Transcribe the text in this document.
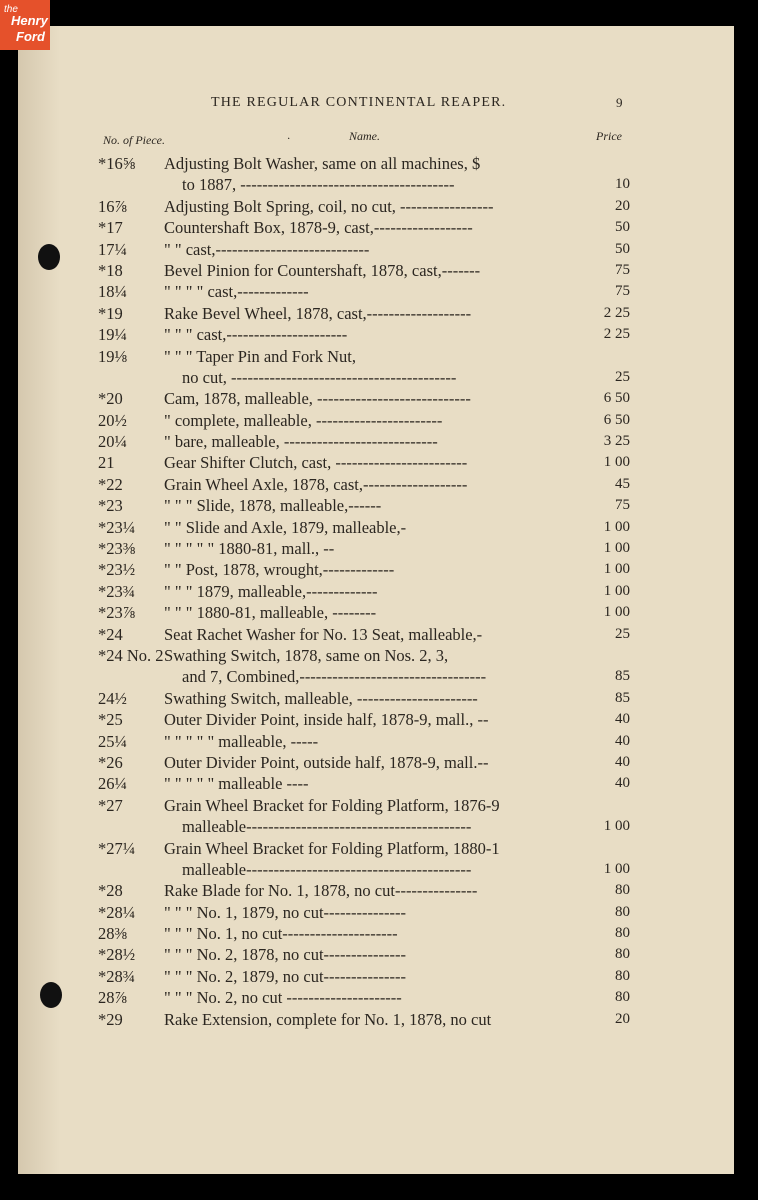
the
Henry
Ford
THE REGULAR CONTINENTAL REAPER.	9
No. of Piece.	·	Name.	Price
*16⅝	Adjusting Bolt Washer, same on all machines, $
to 1887, ---------------------------------------	10
16⅞	Adjusting Bolt Spring, coil, no cut, -----------------	20
*17	Countershaft Box, 1878-9, cast,------------------	50
17¼	" " cast,----------------------------	50
*18	Bevel Pinion for Countershaft, 1878, cast,-------	75
18¼	" " " " cast,-------------	75
*19	Rake Bevel Wheel, 1878, cast,-------------------	2 25
19¼	" " " cast,----------------------	2 25
19⅛	" " " Taper Pin and Fork Nut,
no cut, -----------------------------------------	25
*20	Cam, 1878, malleable, ----------------------------	6 50
20½	" complete, malleable, -----------------------	6 50
20¼	" bare, malleable, ----------------------------	3 25
21	Gear Shifter Clutch, cast, ------------------------	1 00
*22	Grain Wheel Axle, 1878, cast,-------------------	45
*23	" " " Slide, 1878, malleable,------	75
*23¼	" " Slide and Axle, 1879, malleable,-	1 00
*23⅜	" " " " " 1880-81, mall., --	1 00
*23½	" " Post, 1878, wrought,-------------	1 00
*23¾	" " " 1879, malleable,-------------	1 00
*23⅞	" " " 1880-81, malleable, --------	1 00
*24	Seat Rachet Washer for No. 13 Seat, malleable,-	25
*24 No. 2 Swathing Switch, 1878, same on Nos. 2, 3,
and 7, Combined,----------------------------------	85
24½	Swathing Switch, malleable, ----------------------	85
*25	Outer Divider Point, inside half, 1878-9, mall., --	40
25¼	" " " " " malleable, -----	40
*26	Outer Divider Point, outside half, 1878-9, mall.--	40
26¼	" " " " " malleable ----	40
*27	Grain Wheel Bracket for Folding Platform, 1876-9
malleable-----------------------------------------	1 00
*27¼	Grain Wheel Bracket for Folding Platform, 1880-1
malleable-----------------------------------------	1 00
*28	Rake Blade for No. 1, 1878, no cut---------------	80
*28¼	" " " No. 1, 1879, no cut---------------	80
28⅜	" " " No. 1, no cut---------------------	80
*28½	" " " No. 2, 1878, no cut---------------	80
*28¾	" " " No. 2, 1879, no cut---------------	80
28⅞	" " " No. 2, no cut ---------------------	80
*29	Rake Extension, complete for No. 1, 1878, no cut	20
